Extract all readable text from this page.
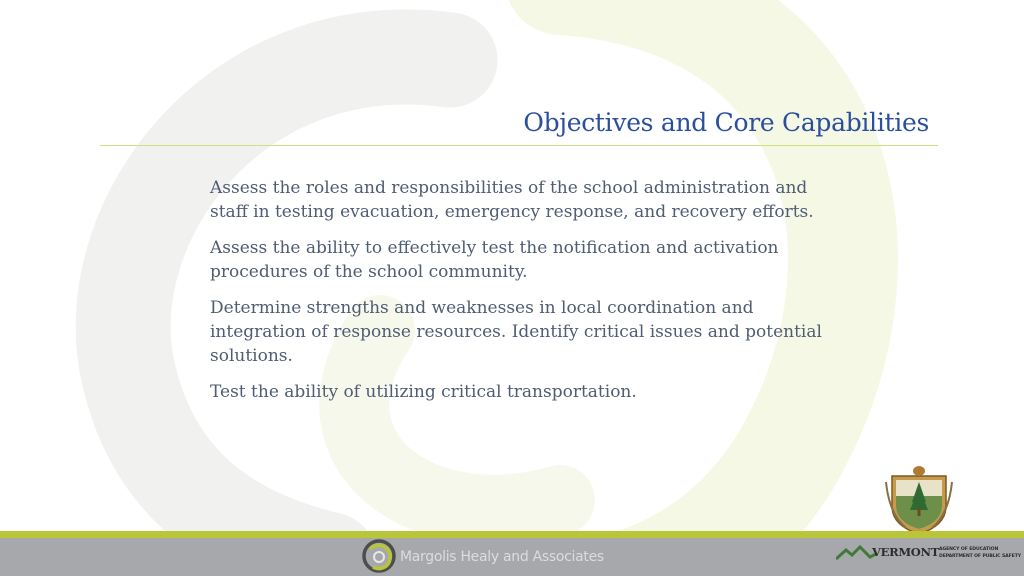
Objectives and Core Capabilities
Assess the roles and responsibilities of the school administration and staff in testing evacuation, emergency response, and recovery efforts.
Assess the ability to effectively test the notification and activation procedures of the school community.
Determine strengths and weaknesses in local coordination and integration of response resources. Identify critical issues and potential solutions.
Test the ability of utilizing critical transportation.
Margolis Healy and Associates	VERMONT AGENCY OF EDUCATION
DEPARTMENT OF PUBLIC SAFETY
